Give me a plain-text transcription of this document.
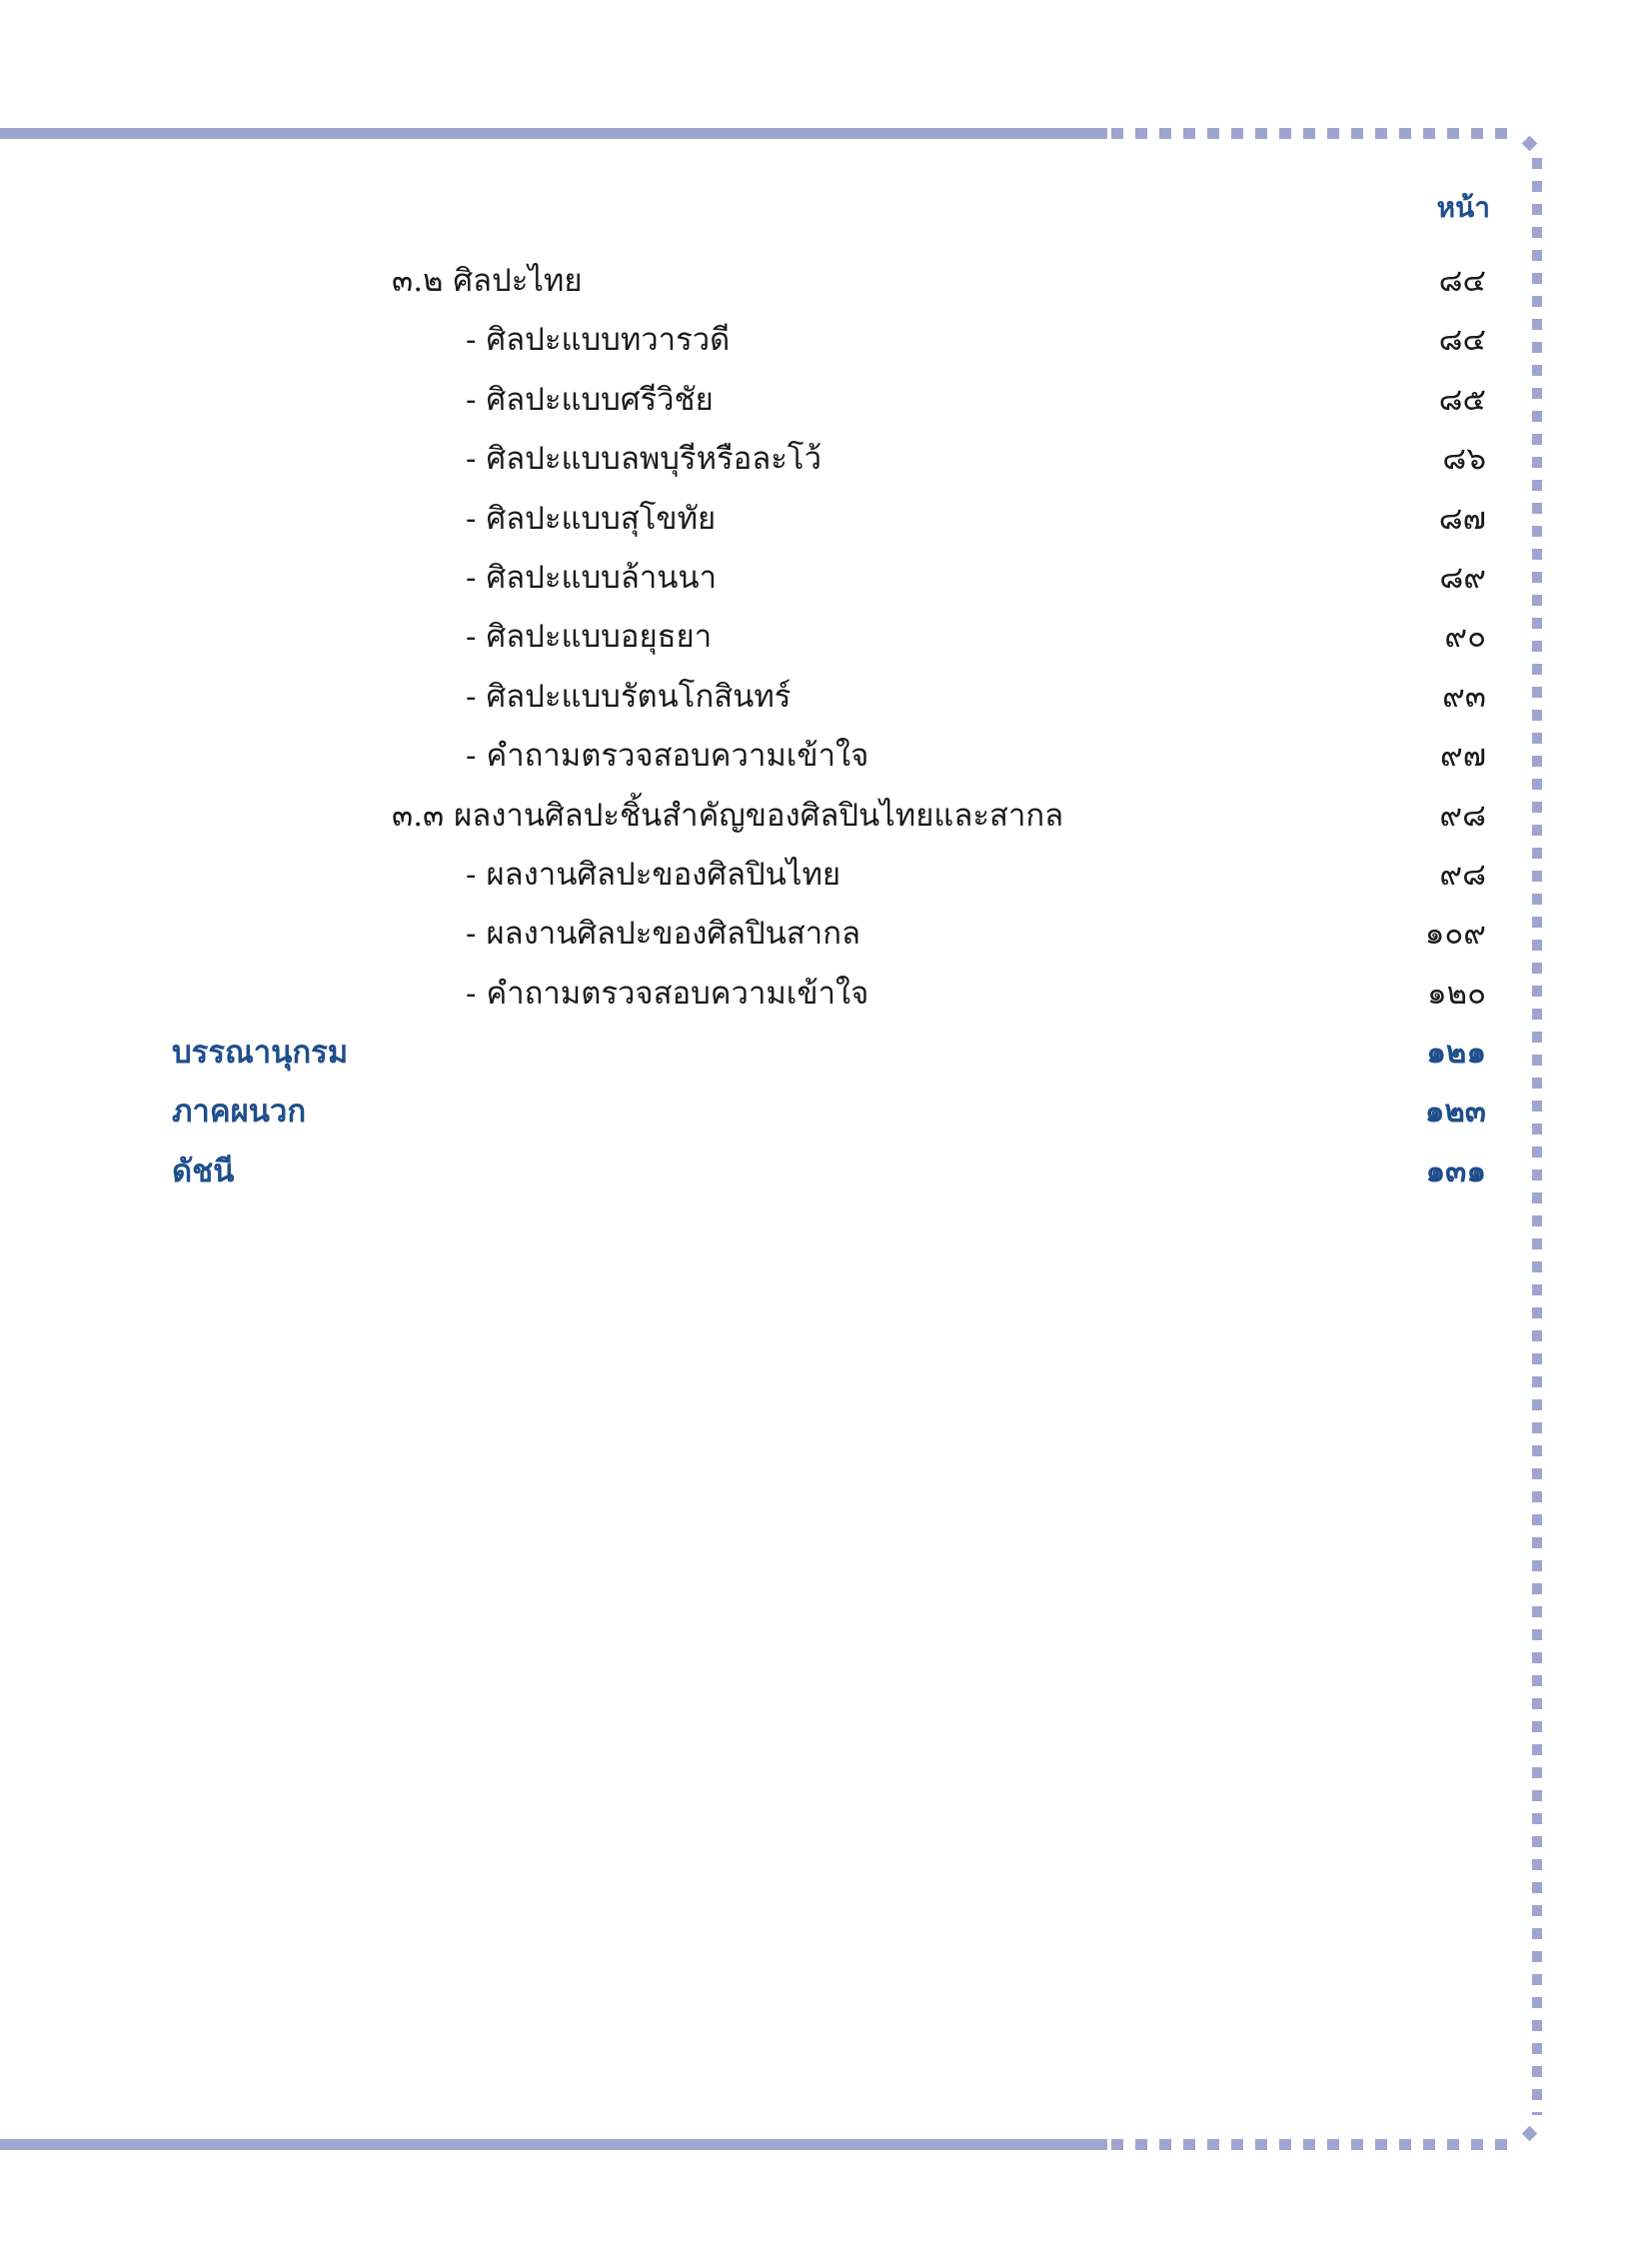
หน้า
๓.๒ ศิลปะไทย	๘๔
- ศิลปะแบบทวารวดี	๘๔
- ศิลปะแบบศรีวิชัย	๘๕
- ศิลปะแบบลพบุรีหรือละโว้	๘๖
- ศิลปะแบบสุโขทัย	๘๗
- ศิลปะแบบล้านนา	๘๙
- ศิลปะแบบอยุธยา	๙๐
- ศิลปะแบบรัตนโกสินทร์	๙๓
- คำถามตรวจสอบความเข้าใจ	๙๗
๓.๓ ผลงานศิลปะชิ้นสำคัญของศิลปินไทยและสากล	๙๘
- ผลงานศิลปะของศิลปินไทย	๙๘
- ผลงานศิลปะของศิลปินสากล	๑๐๙
- คำถามตรวจสอบความเข้าใจ	๑๒๐
บรรณานุกรม	๑๒๑
ภาคผนวก	๑๒๓
ดัชนี	๑๓๑
